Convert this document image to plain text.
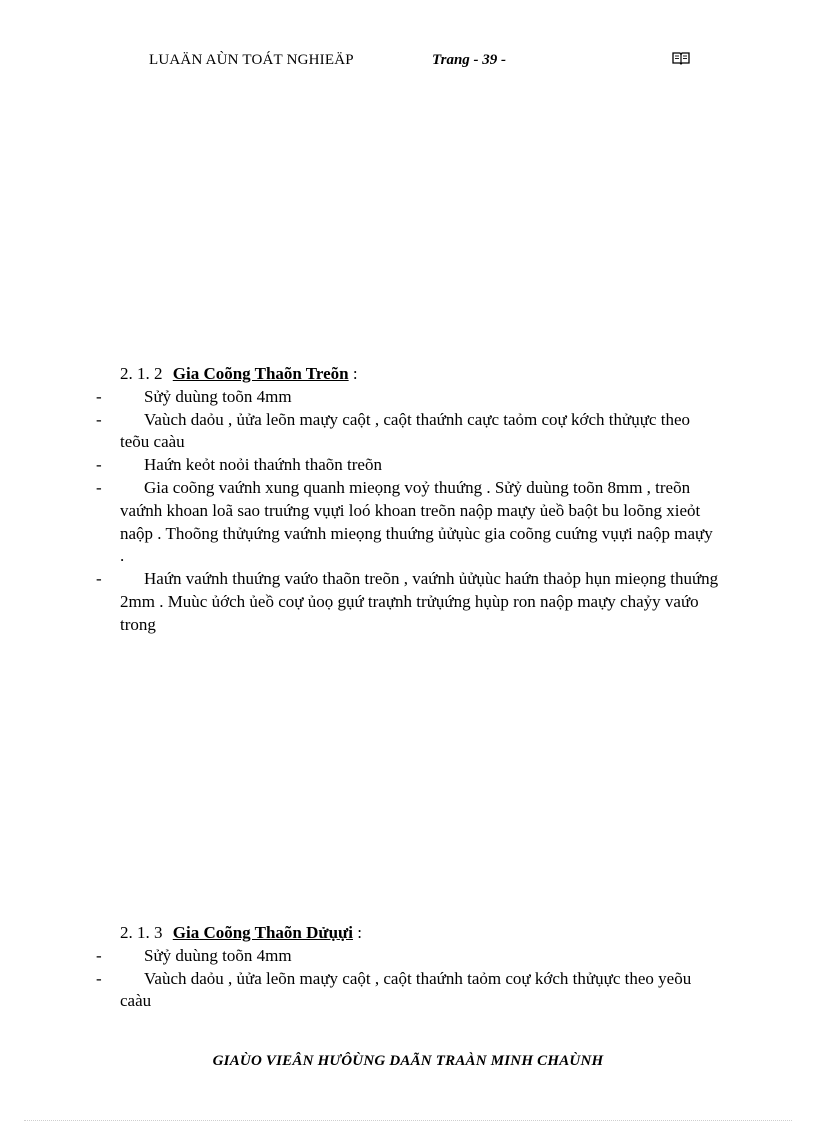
LUAÄN AÙN TOÁT NGHIEÄP	Trang - 39 -
2. 1. 2 Gia Coõng Thaõn Treõn :
- Sửỷ duùng toõn 4mm
- Vaùch daỏu , ủửa leõn maựy caột , caột thaứnh caực taỏm coự kớch thửụực theo teõu caàu
- Haứn keỏt noỏi thaứnh thaõn treõn
- Gia coõng vaứnh xung quanh mieọng voỷ thuứng . Sửỷ duùng toõn 8mm , treõn vaứnh khoan loã sao truứng vụựi loó khoan treõn naộp maựy ủeồ baột bu loõng xieỏt naộp . Thoõng thửụứng vaứnh mieọng thuứng ủửụùc gia coõng cuứng vụựi naộp maựy .
- Haứn vaứnh thuứng vaứo thaõn treõn , vaứnh ủửụùc haứn thaỏp hụn mieọng thuứng 2mm . Muùc ủớch ủeồ coự ủoọ gụứ traựnh trửụứng hụùp ron naộp maựy chaỷy vaứo trong
2. 1. 3 Gia Coõng Thaõn Dửụựi :
- Sửỷ duùng toõn 4mm
- Vaùch daỏu , ủửa leõn maựy caột , caột thaứnh taỏm coự kớch thửụực theo yeõu caàu
GIAÙO VIEÂN HƯÔÙNG DAÃN TRAÀN MINH CHAÙNH
